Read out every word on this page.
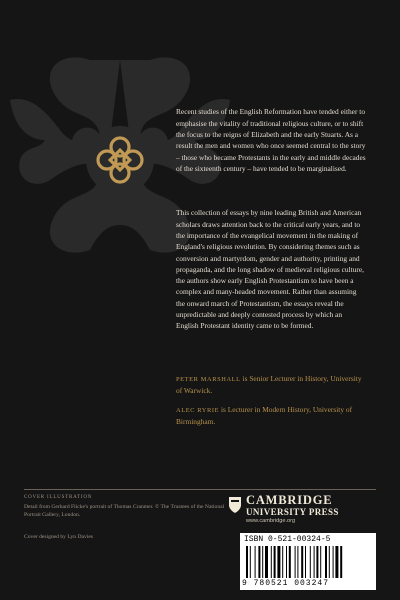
Recent studies of the English Reformation have tended either to emphasise the vitality of traditional religious culture, or to shift the focus to the reigns of Elizabeth and the early Stuarts. As a result the men and women who once seemed central to the story – those who became Protestants in the early and middle decades of the sixteenth century – have tended to be marginalised.

This collection of essays by nine leading British and American scholars draws attention back to the critical early years, and to the importance of the evangelical movement in the making of England's religious revolution. By considering themes such as conversion and martyrdom, gender and authority, printing and propaganda, and the long shadow of medieval religious culture, the authors show early English Protestantism to have been a complex and many-headed movement. Rather than assuming the onward march of Protestantism, the essays reveal the unpredictable and deeply contested process by which an English Protestant identity came to be formed.

PETER MARSHALL is Senior Lecturer in History, University of Warwick.
ALEC RYRIE is Lecturer in Modern History, University of Birmingham.
COVER ILLUSTRATION
Detail from Gerhard Flicke's portrait of Thomas Cranmer. © The Trustees of the National Portrait Gallery, London.
Cover designed by Lyn Davies
CAMBRIDGE
UNIVERSITY PRESS
www.cambridge.org
ISBN 0-521-00324-5
9 780521 003247
